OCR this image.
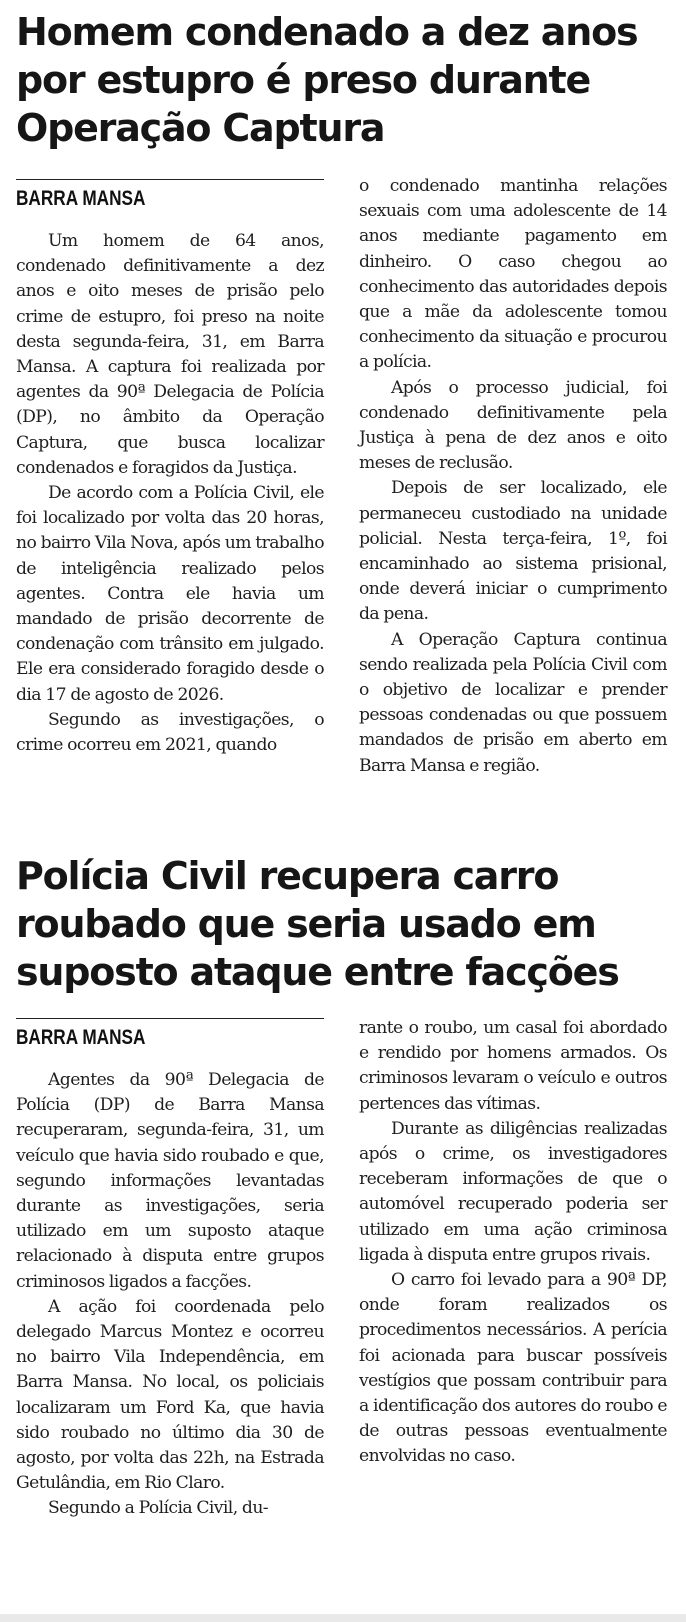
Homem condenado a dez anos por estupro é preso durante Operação Captura
BARRA MANSA

Um homem de 64 anos, condenado definitivamente a dez anos e oito meses de prisão pelo crime de estupro, foi preso na noite desta segunda-feira, 31, em Barra Mansa. A captura foi realizada por agentes da 90ª Delegacia de Polícia (DP), no âmbito da Operação Captura, que busca localizar condenados e foragidos da Justiça.

De acordo com a Polícia Civil, ele foi localizado por volta das 20 horas, no bairro Vila Nova, após um trabalho de inteligência realizado pelos agentes. Contra ele havia um mandado de prisão decorrente de condenação com trânsito em julgado. Ele era considerado foragido desde o dia 17 de agosto de 2026.

Segundo as investigações, o crime ocorreu em 2021, quando

o condenado mantinha relações sexuais com uma adolescente de 14 anos mediante pagamento em dinheiro. O caso chegou ao conhecimento das autoridades depois que a mãe da adolescente tomou conhecimento da situação e procurou a polícia.

Após o processo judicial, foi condenado definitivamente pela Justiça à pena de dez anos e oito meses de reclusão.

Depois de ser localizado, ele permaneceu custodiado na unidade policial. Nesta terça-feira, 1º, foi encaminhado ao sistema prisional, onde deverá iniciar o cumprimento da pena.

A Operação Captura continua sendo realizada pela Polícia Civil com o objetivo de localizar e prender pessoas condenadas ou que possuem mandados de prisão em aberto em Barra Mansa e região.

Polícia Civil recupera carro roubado que seria usado em suposto ataque entre facções
BARRA MANSA

Agentes da 90ª Delegacia de Polícia (DP) de Barra Mansa recuperaram, segunda-feira, 31, um veículo que havia sido roubado e que, segundo informações levantadas durante as investigações, seria utilizado em um suposto ataque relacionado à disputa entre grupos criminosos ligados a facções.

A ação foi coordenada pelo delegado Marcus Montez e ocorreu no bairro Vila Independência, em Barra Mansa. No local, os policiais localizaram um Ford Ka, que havia sido roubado no último dia 30 de agosto, por volta das 22h, na Estrada Getulândia, em Rio Claro.

Segundo a Polícia Civil, du-

rante o roubo, um casal foi abordado e rendido por homens armados. Os criminosos levaram o veículo e outros pertences das vítimas.

Durante as diligências realizadas após o crime, os investigadores receberam informações de que o automóvel recuperado poderia ser utilizado em uma ação criminosa ligada à disputa entre grupos rivais.

O carro foi levado para a 90ª DP, onde foram realizados os procedimentos necessários. A perícia foi acionada para buscar possíveis vestígios que possam contribuir para a identificação dos autores do roubo e de outras pessoas eventualmente envolvidas no caso.
